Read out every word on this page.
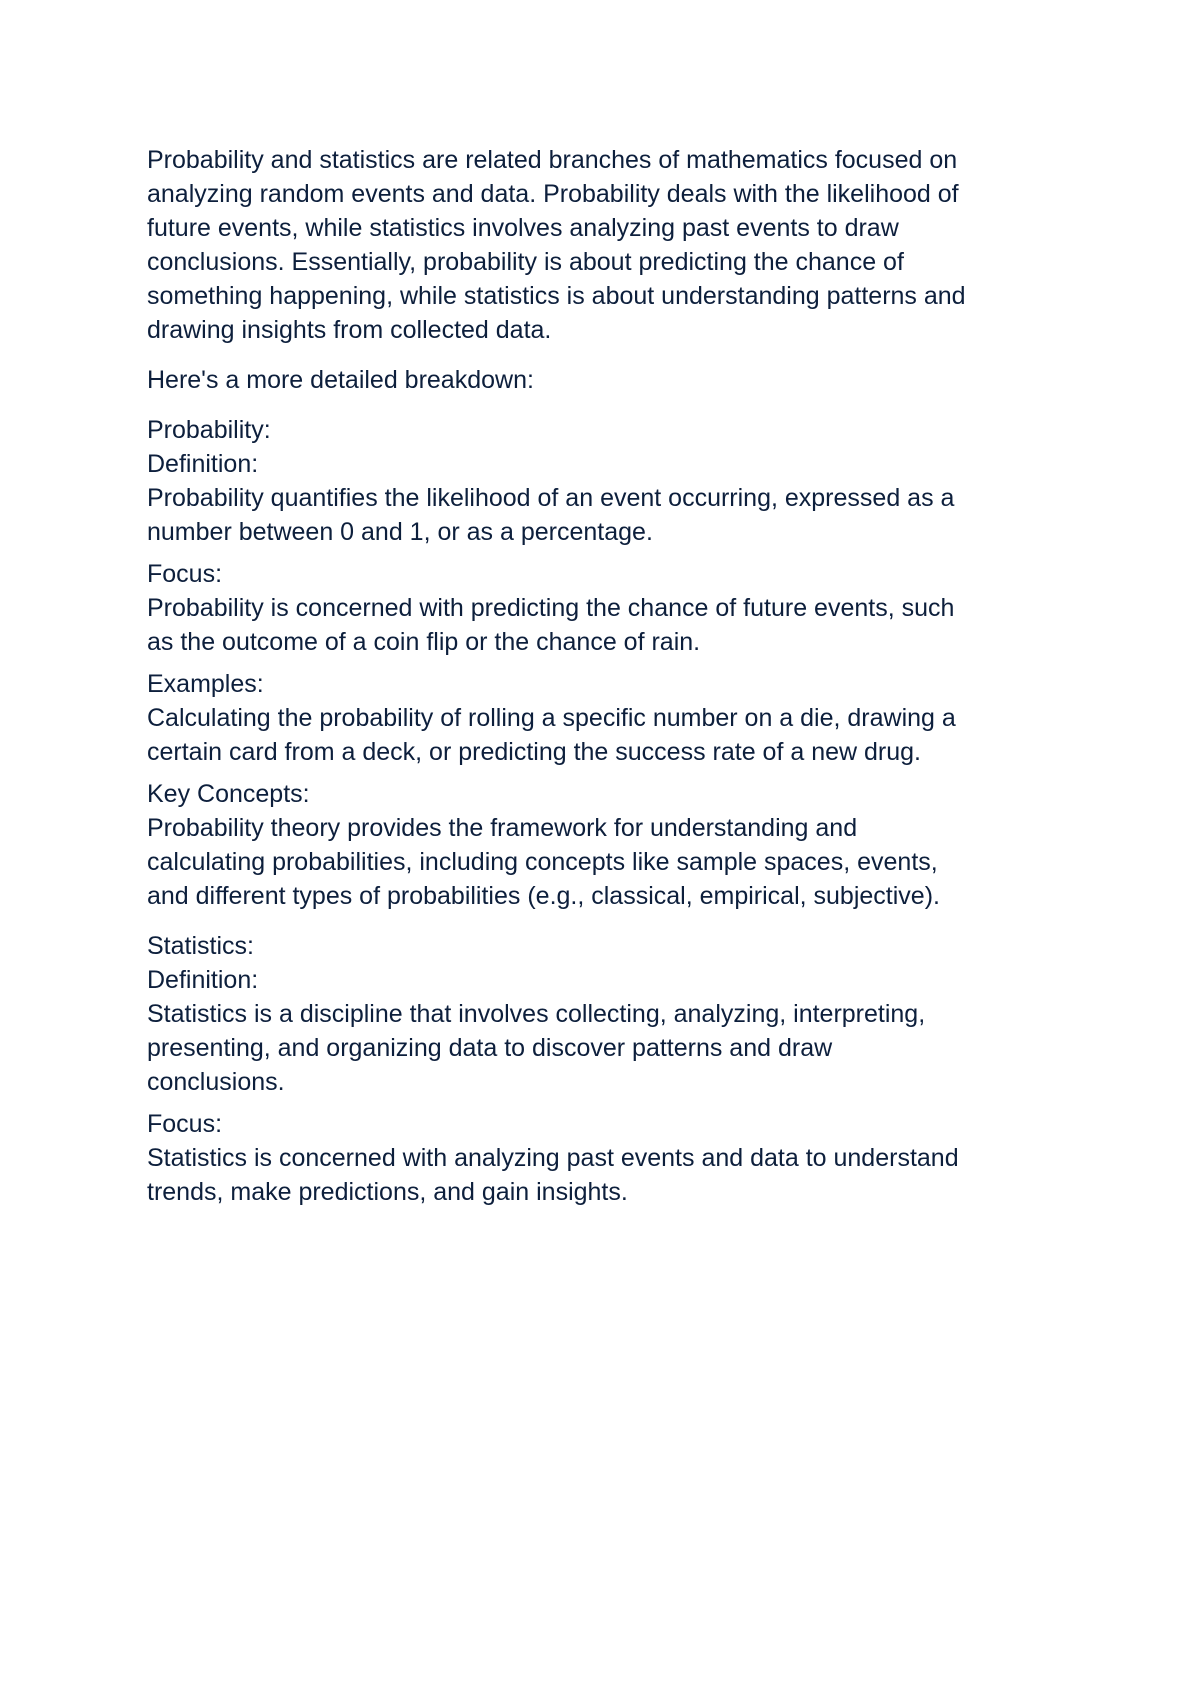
Probability and statistics are related branches of mathematics focused on
analyzing random events and data. Probability deals with the likelihood of
future events, while statistics involves analyzing past events to draw
conclusions. Essentially, probability is about predicting the chance of
something happening, while statistics is about understanding patterns and
drawing insights from collected data.

Here's a more detailed breakdown:

Probability:

Definition:

Probability quantifies the likelihood of an event occurring, expressed as a
number between 0 and 1, or as a percentage.

Focus:

Probability is concerned with predicting the chance of future events, such
as the outcome of a coin flip or the chance of rain.

Examples:

Calculating the probability of rolling a specific number on a die, drawing a
certain card from a deck, or predicting the success rate of a new drug.

Key Concepts:

Probability theory provides the framework for understanding and
calculating probabilities, including concepts like sample spaces, events,
and different types of probabilities (e.g., classical, empirical, subjective).

Statistics:

Definition:

Statistics is a discipline that involves collecting, analyzing, interpreting,
presenting, and organizing data to discover patterns and draw
conclusions.

Focus:

Statistics is concerned with analyzing past events and data to understand
trends, make predictions, and gain insights.
